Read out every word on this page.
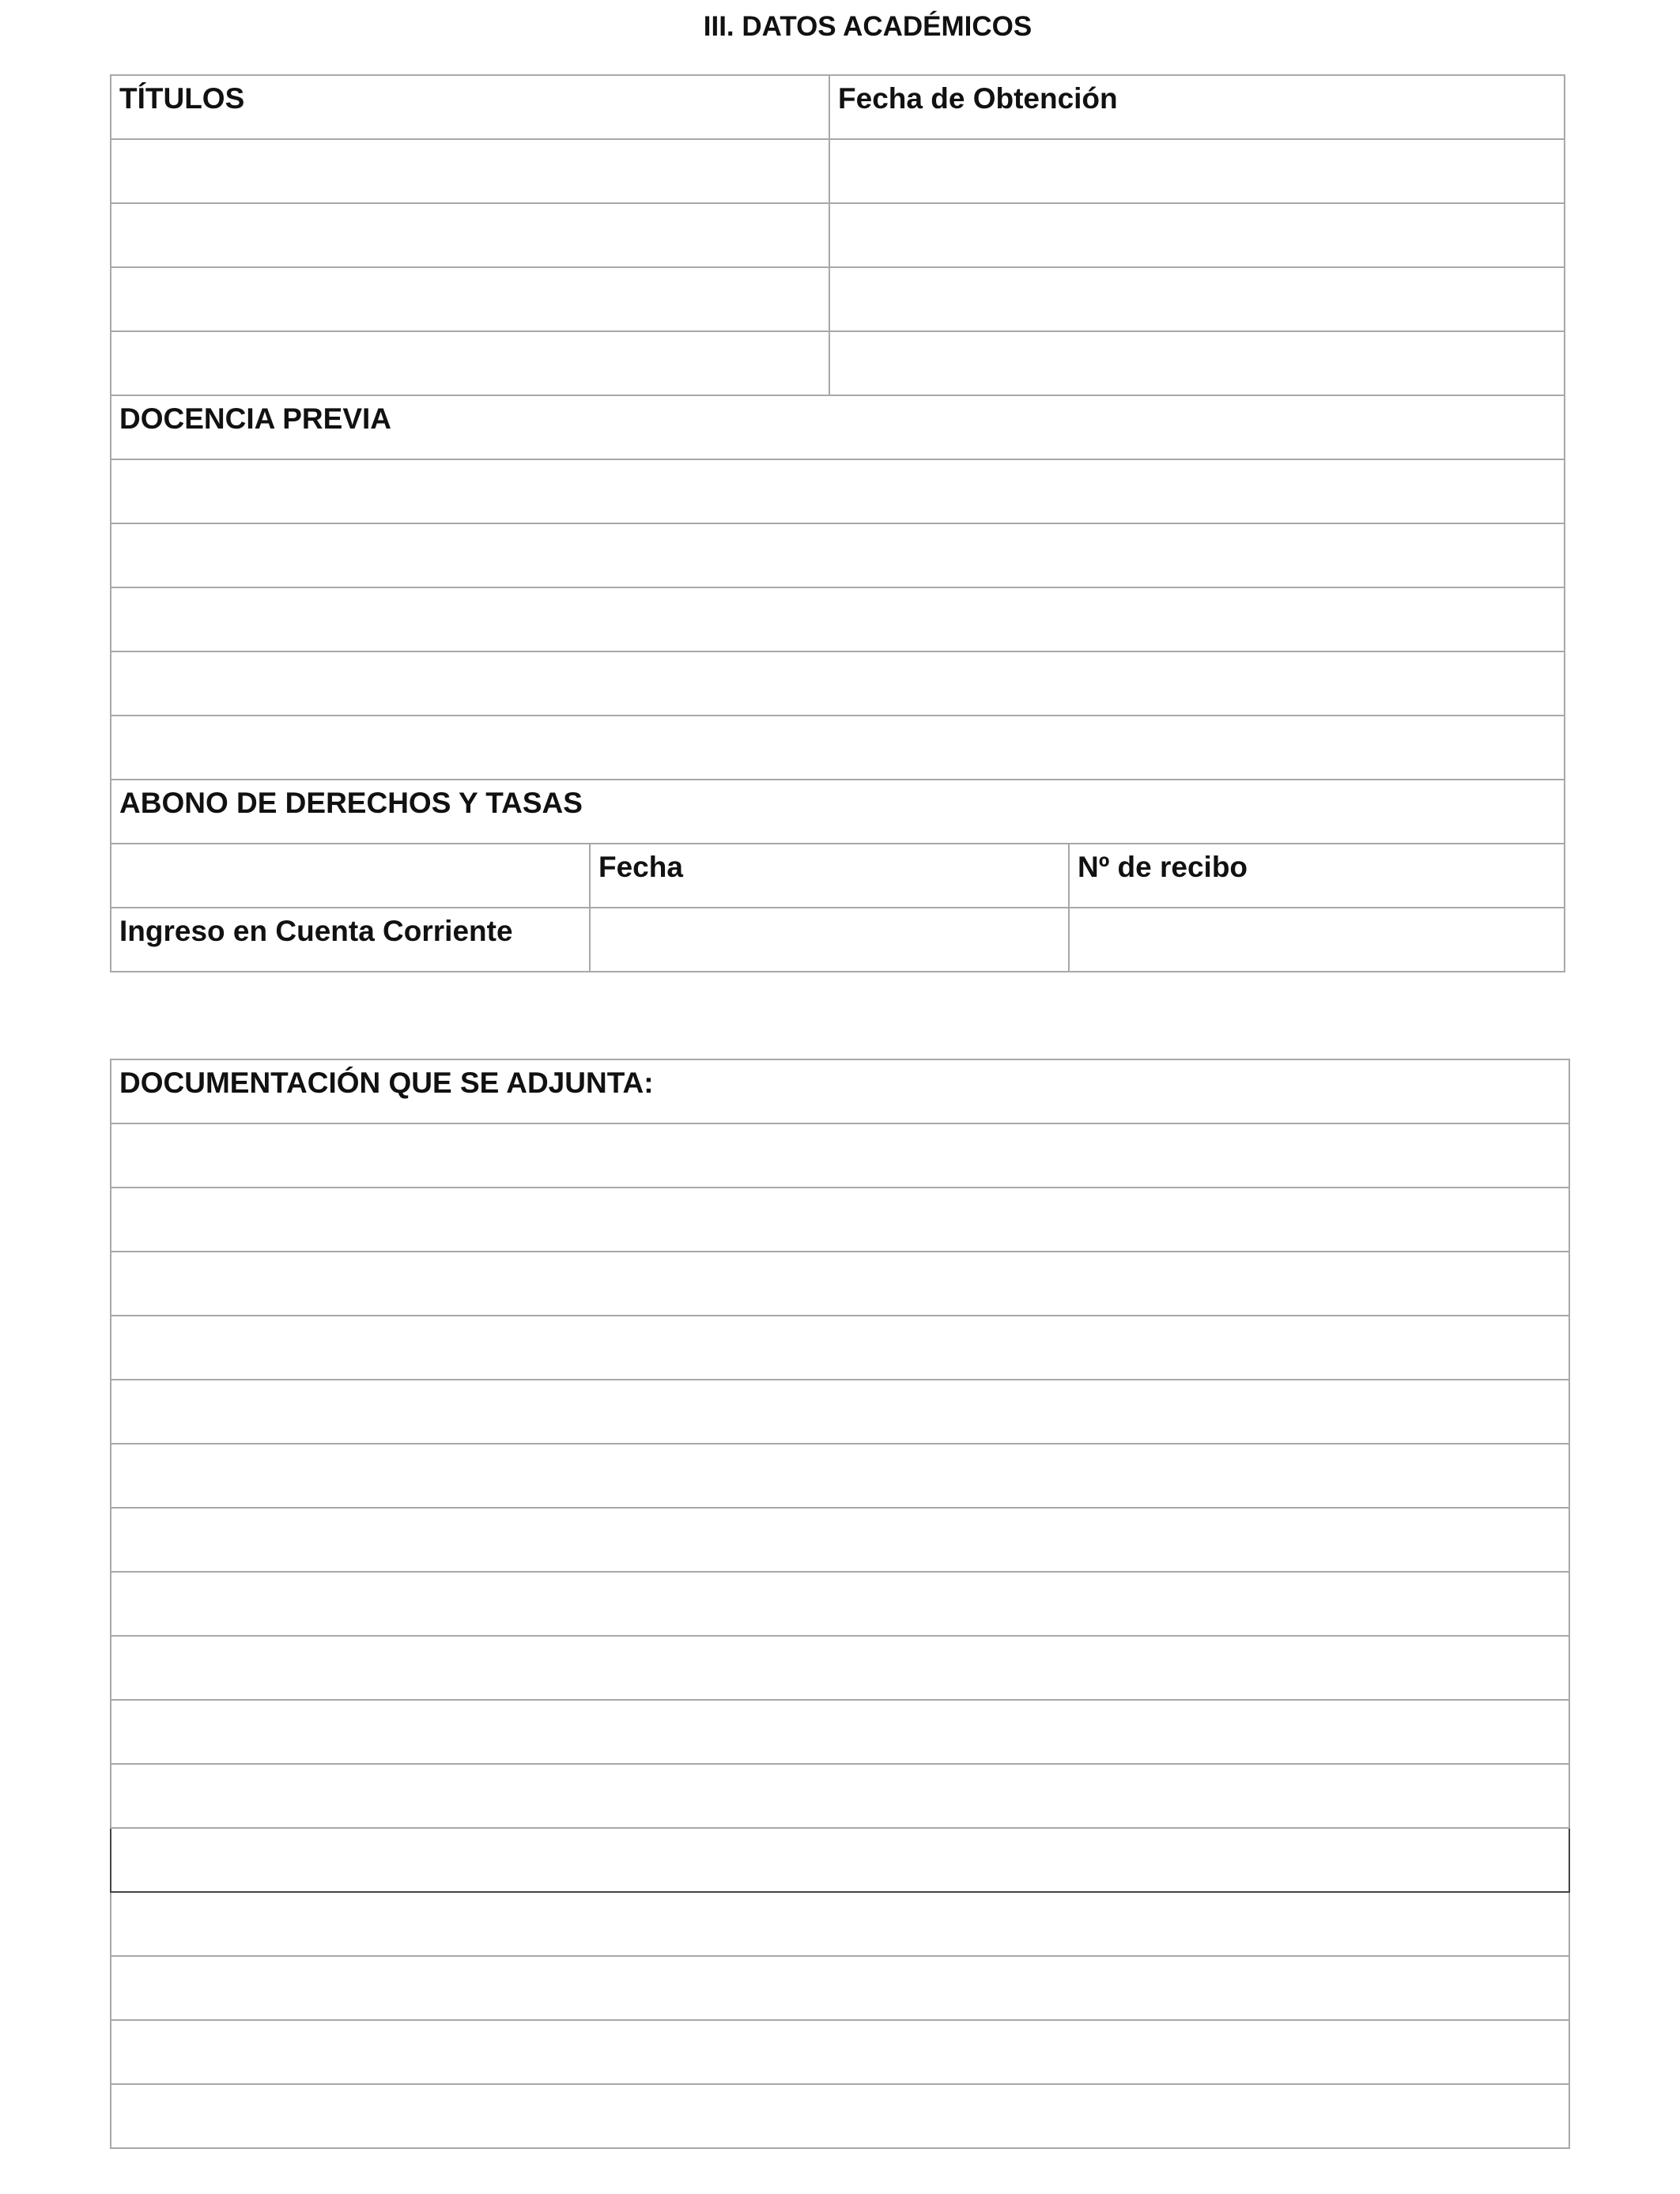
III. DATOS ACADÉMICOS
TÍTULOS		Fecha de Obtención	

DOCENCIA PREVIA			

ABONO DE DERECHOS Y TASAS			

	Fecha		Nº de recibo

Ingreso en Cuenta Corriente			

DOCUMENTACIÓN QUE SE ADJUNTA:
